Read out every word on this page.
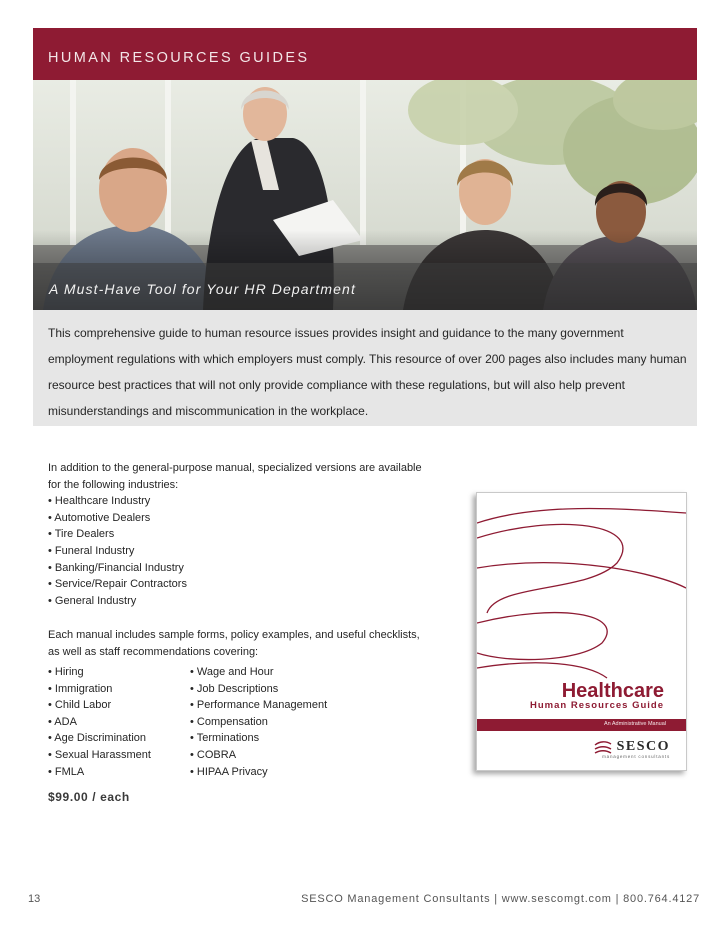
HUMAN RESOURCES GUIDES
A Must-Have Tool for Your HR Department

This comprehensive guide to human resource issues provides insight and guidance to the many government employment regulations with which employers must comply. This resource of over 200 pages also includes many human resource best practices that will not only provide compliance with these regulations, but will also help prevent misunderstandings and miscommunication in the workplace.

In addition to the general-purpose manual, specialized versions are available
for the following industries:
• Healthcare Industry
• Automotive Dealers
• Tire Dealers
• Funeral Industry
• Banking/Financial Industry
• Service/Repair Contractors
• General Industry
Each manual includes sample forms, policy examples, and useful checklists,
as well as staff recommendations covering:
• Hiring
• Immigration
• Child Labor
• ADA
• Age Discrimination
• Sexual Harassment
• FMLA
• Wage and Hour
• Job Descriptions
• Performance Management
• Compensation
• Terminations
• COBRA
• HIPAA Privacy
$99.00 / each
Healthcare
Human Resources Guide
An Administrative Manual
SESCO
management consultants
13	SESCO Management Consultants | www.sescomgt.com | 800.764.4127
